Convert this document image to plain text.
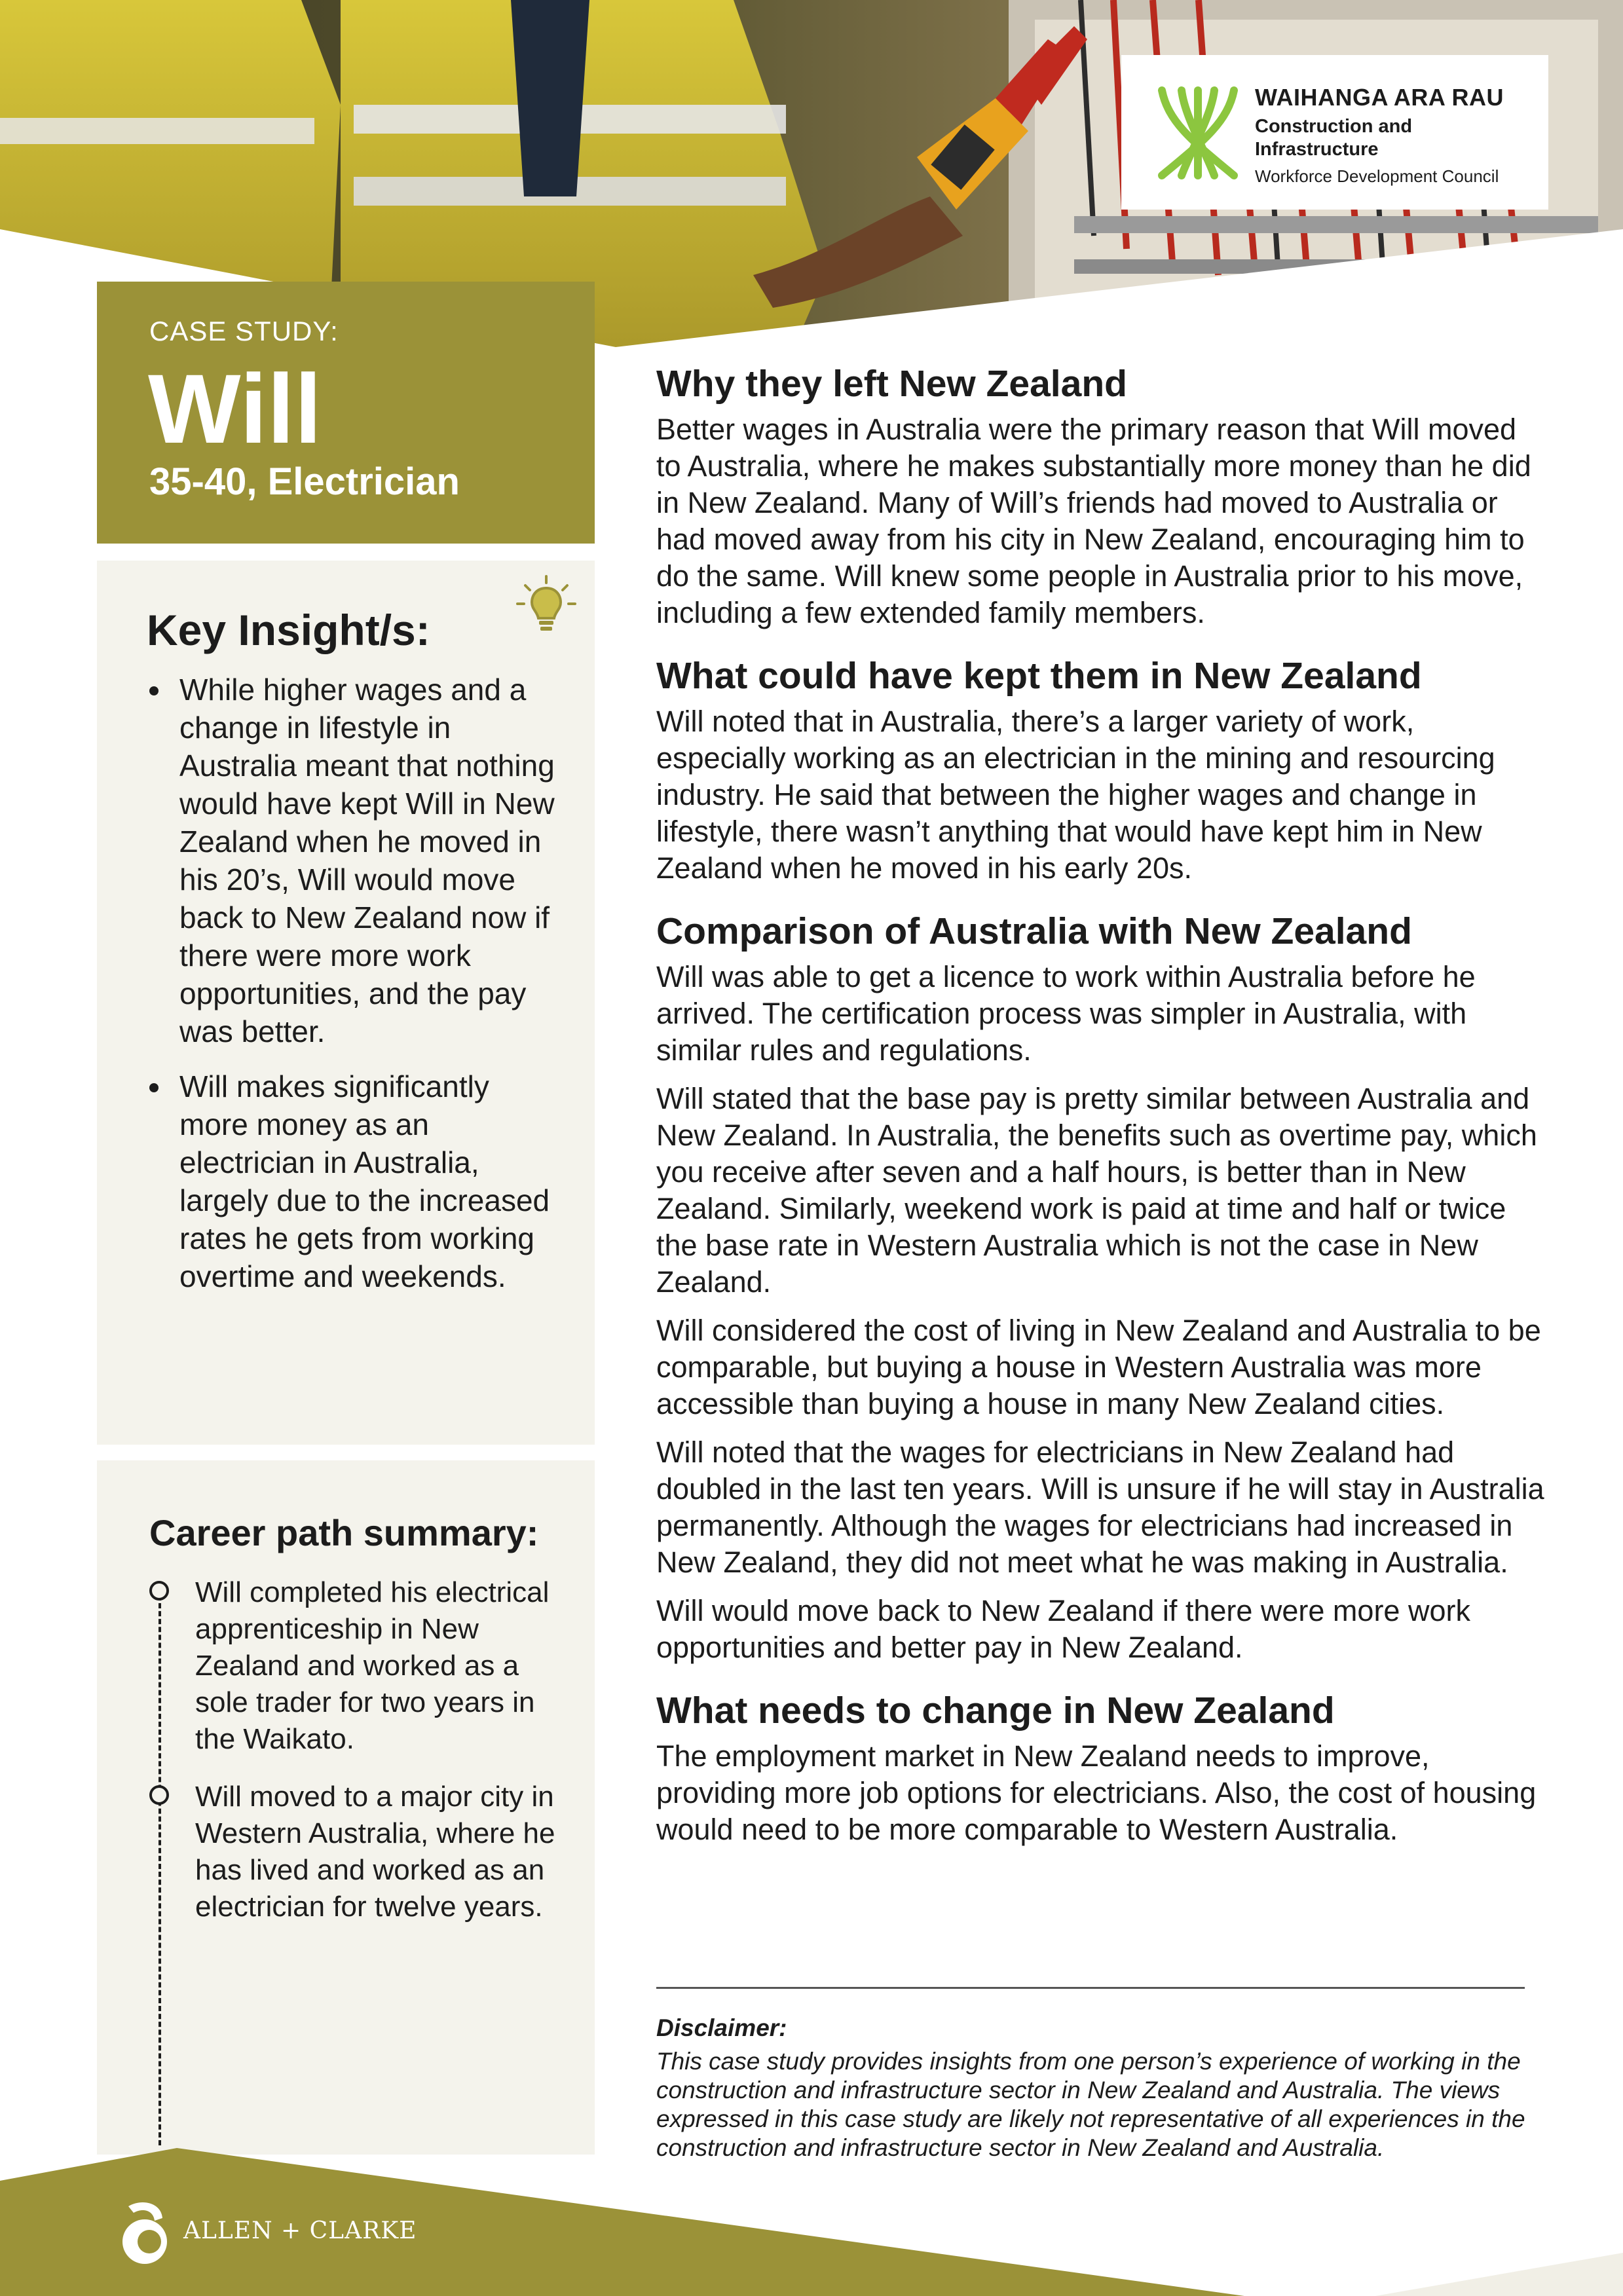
WAIHANGA ARA RAU
Construction and
Infrastructure
Workforce Development Council
CASE STUDY:
Will
35-40, Electrician
Key Insight/s:
While higher wages and a change in lifestyle in Australia meant that nothing would have kept Will in New Zealand when he moved in his 20’s, Will would move back to New Zealand now if there were more work opportunities, and the pay was better.
Will makes significantly more money as an electrician in Australia, largely due to the increased rates he gets from working overtime and weekends.
Career path summary:
Will completed his electrical apprenticeship in New Zealand and worked as a sole trader for two years in the Waikato.
Will moved to a major city in Western Australia, where he has lived and worked as an electrician for twelve years.
Why they left New Zealand

Better wages in Australia were the primary reason that Will moved to Australia, where he makes substantially more money than he did in New Zealand. Many of Will’s friends had moved to Australia or had moved away from his city in New Zealand, encouraging him to do the same. Will knew some people in Australia prior to his move, including a few extended family members.

What could have kept them in New Zealand

Will noted that in Australia, there’s a larger variety of work, especially working as an electrician in the mining and resourcing industry. He said that between the higher wages and change in lifestyle, there wasn’t anything that would have kept him in New Zealand when he moved in his early 20s.

Comparison of Australia with New Zealand

Will was able to get a licence to work within Australia before he arrived. The certification process was simpler in Australia, with similar rules and regulations.

Will stated that the base pay is pretty similar between Australia and New Zealand. In Australia, the benefits such as overtime pay, which you receive after seven and a half hours, is better than in New Zealand. Similarly, weekend work is paid at time and half or twice the base rate in Western Australia which is not the case in New Zealand.

Will considered the cost of living in New Zealand and Australia to be comparable, but buying a house in Western Australia was more accessible than buying a house in many New Zealand cities.

Will noted that the wages for electricians in New Zealand had doubled in the last ten years. Will is unsure if he will stay in Australia permanently. Although the wages for electricians had increased in New Zealand, they did not meet what he was making in Australia.

Will would move back to New Zealand if there were more work opportunities and better pay in New Zealand.

What needs to change in New Zealand

The employment market in New Zealand needs to improve, providing more job options for electricians. Also, the cost of housing would need to be more comparable to Western Australia.

Disclaimer:

This case study provides insights from one person’s experience of working in the construction and infrastructure sector in New Zealand and Australia. The views expressed in this case study are likely not representative of all experiences in the construction and infrastructure sector in New Zealand and Australia.

ALLEN + CLARKE
